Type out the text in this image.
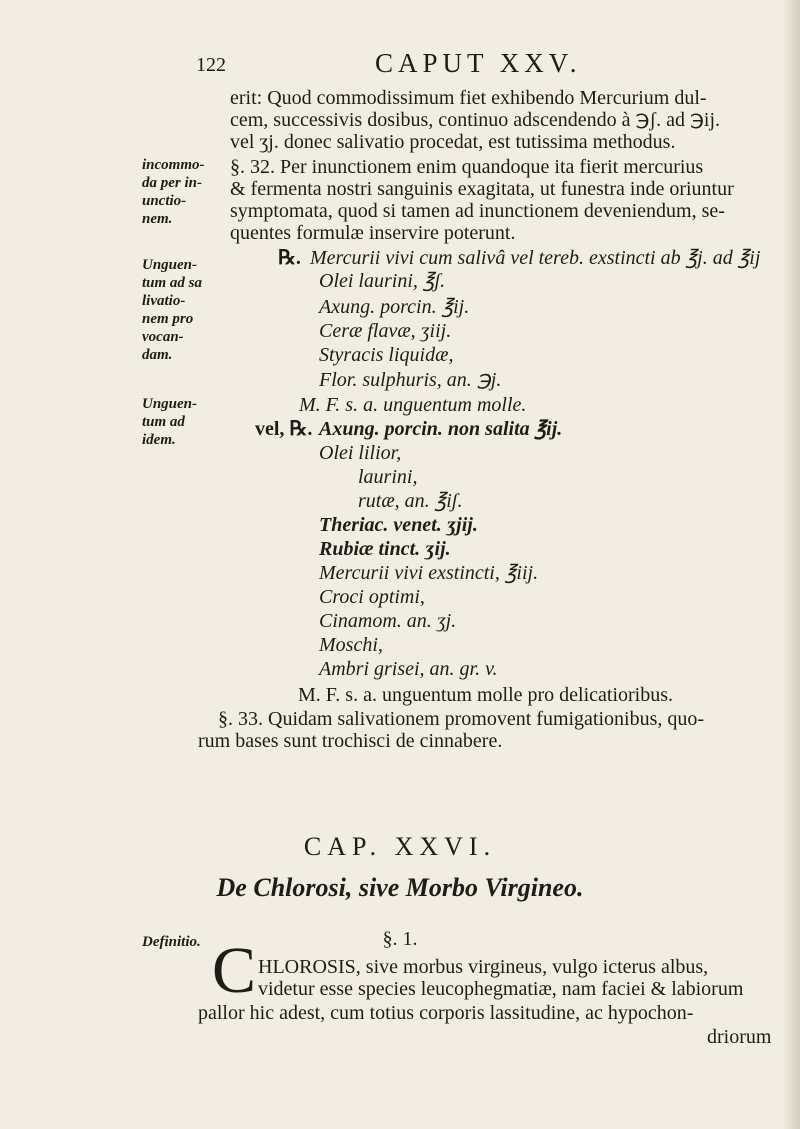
122	CAPUT XXV.
incommo-
da per in-
unctio-
nem.
Unguen-
tum ad sa
livatio-
nem pro
vocan-
dam.
Unguen-
tum ad
idem.
Definitio.
erit: Quod commodissimum fiet exhibendo Mercurium dul-
cem, successivis dosibus, continuo adscendendo à ℈ʃ. ad ℈ij.
vel ʒj. donec salivatio procedat, est tutissima methodus.
§. 32. Per inunctionem enim quandoque ita fierit mercurius
& fermenta nostri sanguinis exagitata, ut funestra inde oriuntur
symptomata, quod si tamen ad inunctionem deveniendum, se-
quentes formulæ inservire poterunt.
℞. Mercurii vivi cum salivâ vel tereb. exstincti ab ℥j. ad ℥ij
Olei laurini, ℥ʃ.
Axung. porcin. ℥ij.
Ceræ flavæ, ʒiij.
Styracis liquidæ,
Flor. sulphuris, an. ℈j.
M. F. s. a. unguentum molle.
vel, ℞. Axung. porcin. non salita ℥ij.
Olei lilior,
laurini,
rutæ, an. ℥iʃ.
Theriac. venet. ʒjij.
Rubiæ tinct. ʒij.
Mercurii vivi exstincti, ℥iij.
Croci optimi,
Cinamom. an. ʒj.
Moschi,
Ambri grisei, an. gr. v.
M. F. s. a. unguentum molle pro delicatioribus.
§. 33. Quidam salivationem promovent fumigationibus, quo-
rum bases sunt trochisci de cinnabere.
CAP. XXVI.
De Chlorosi, sive Morbo Virgineo.
§. 1.
C HLOROSIS, sive morbus virgineus, vulgo icterus albus,
videtur esse species leucophegmatiæ, nam faciei & labiorum
pallor hic adest, cum totius corporis lassitudine, ac hypochon-
driorum
